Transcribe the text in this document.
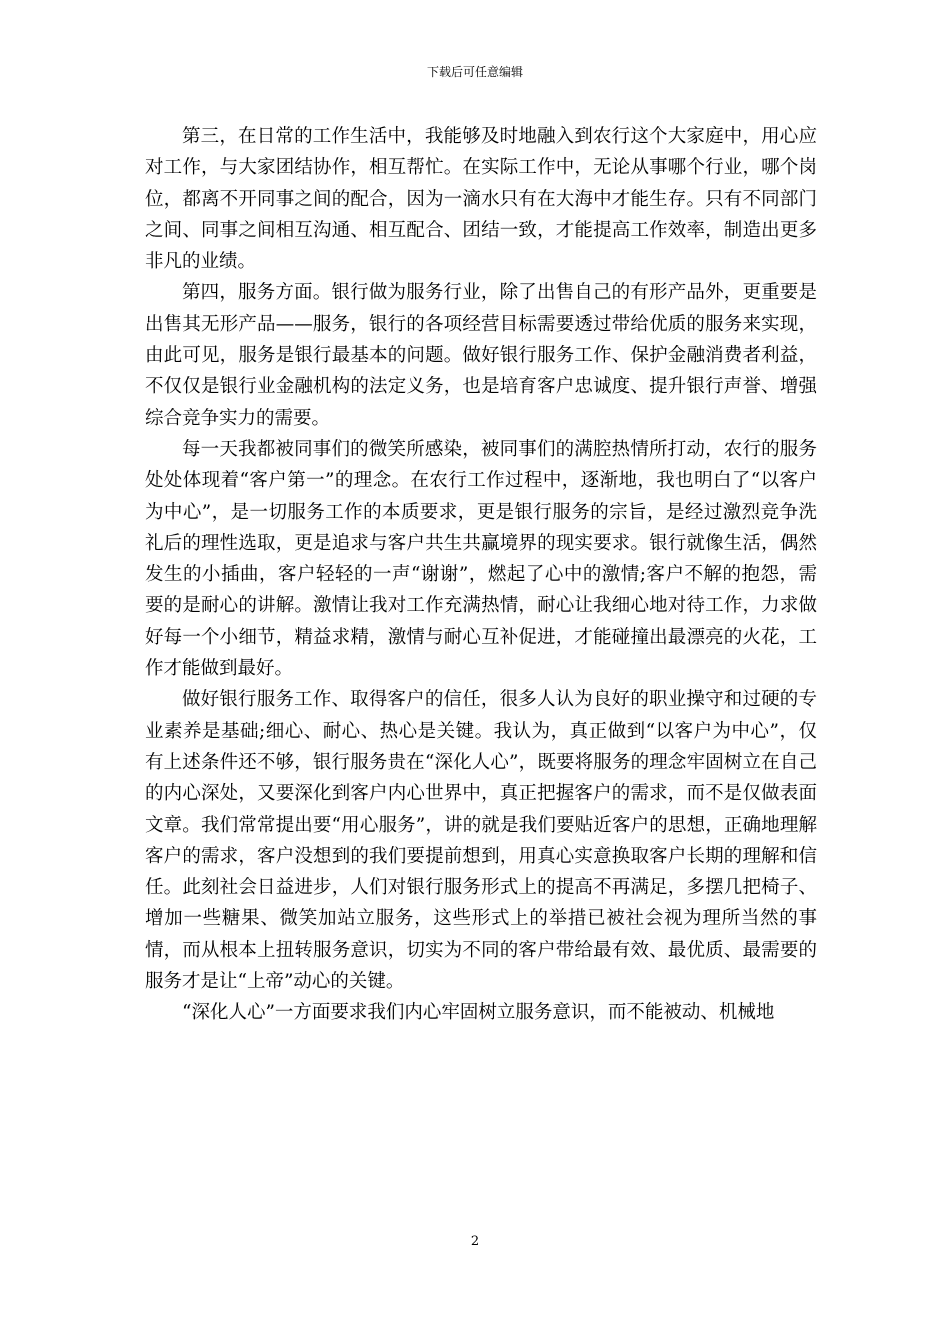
下载后可任意编辑

第三，在日常的工作生活中，我能够及时地融入到农行这个大家庭中，用心应对工作，与大家团结协作，相互帮忙。在实际工作中，无论从事哪个行业，哪个岗位，都离不开同事之间的配合，因为一滴水只有在大海中才能生存。只有不同部门之间、同事之间相互沟通、相互配合、团结一致，才能提高工作效率，制造出更多非凡的业绩。

第四，服务方面。银行做为服务行业，除了出售自己的有形产品外，更重要是出售其无形产品——服务，银行的各项经营目标需要透过带给优质的服务来实现，由此可见，服务是银行最基本的问题。做好银行服务工作、保护金融消费者利益，不仅仅是银行业金融机构的法定义务，也是培育客户忠诚度、提升银行声誉、增强综合竞争实力的需要。

每一天我都被同事们的微笑所感染，被同事们的满腔热情所打动，农行的服务处处体现着“客户第一”的理念。在农行工作过程中，逐渐地，我也明白了“以客户为中心”，是一切服务工作的本质要求，更是银行服务的宗旨，是经过激烈竞争洗礼后的理性选取，更是追求与客户共生共赢境界的现实要求。银行就像生活，偶然发生的小插曲，客户轻轻的一声“谢谢”，燃起了心中的激情;客户不解的抱怨，需要的是耐心的讲解。激情让我对工作充满热情，耐心让我细心地对待工作，力求做好每一个小细节，精益求精，激情与耐心互补促进，才能碰撞出最漂亮的火花，工作才能做到最好。

做好银行服务工作、取得客户的信任，很多人认为良好的职业操守和过硬的专业素养是基础;细心、耐心、热心是关键。我认为，真正做到“以客户为中心”，仅有上述条件还不够，银行服务贵在“深化人心”，既要将服务的理念牢固树立在自己的内心深处，又要深化到客户内心世界中，真正把握客户的需求，而不是仅做表面文章。我们常常提出要“用心服务”，讲的就是我们要贴近客户的思想，正确地理解客户的需求，客户没想到的我们要提前想到，用真心实意换取客户长期的理解和信任。此刻社会日益进步，人们对银行服务形式上的提高不再满足，多摆几把椅子、增加一些糖果、微笑加站立服务，这些形式上的举措已被社会视为理所当然的事情，而从根本上扭转服务意识，切实为不同的客户带给最有效、最优质、最需要的服务才是让“上帝”动心的关键。

“深化人心”一方面要求我们内心牢固树立服务意识，而不能被动、机械地

2
